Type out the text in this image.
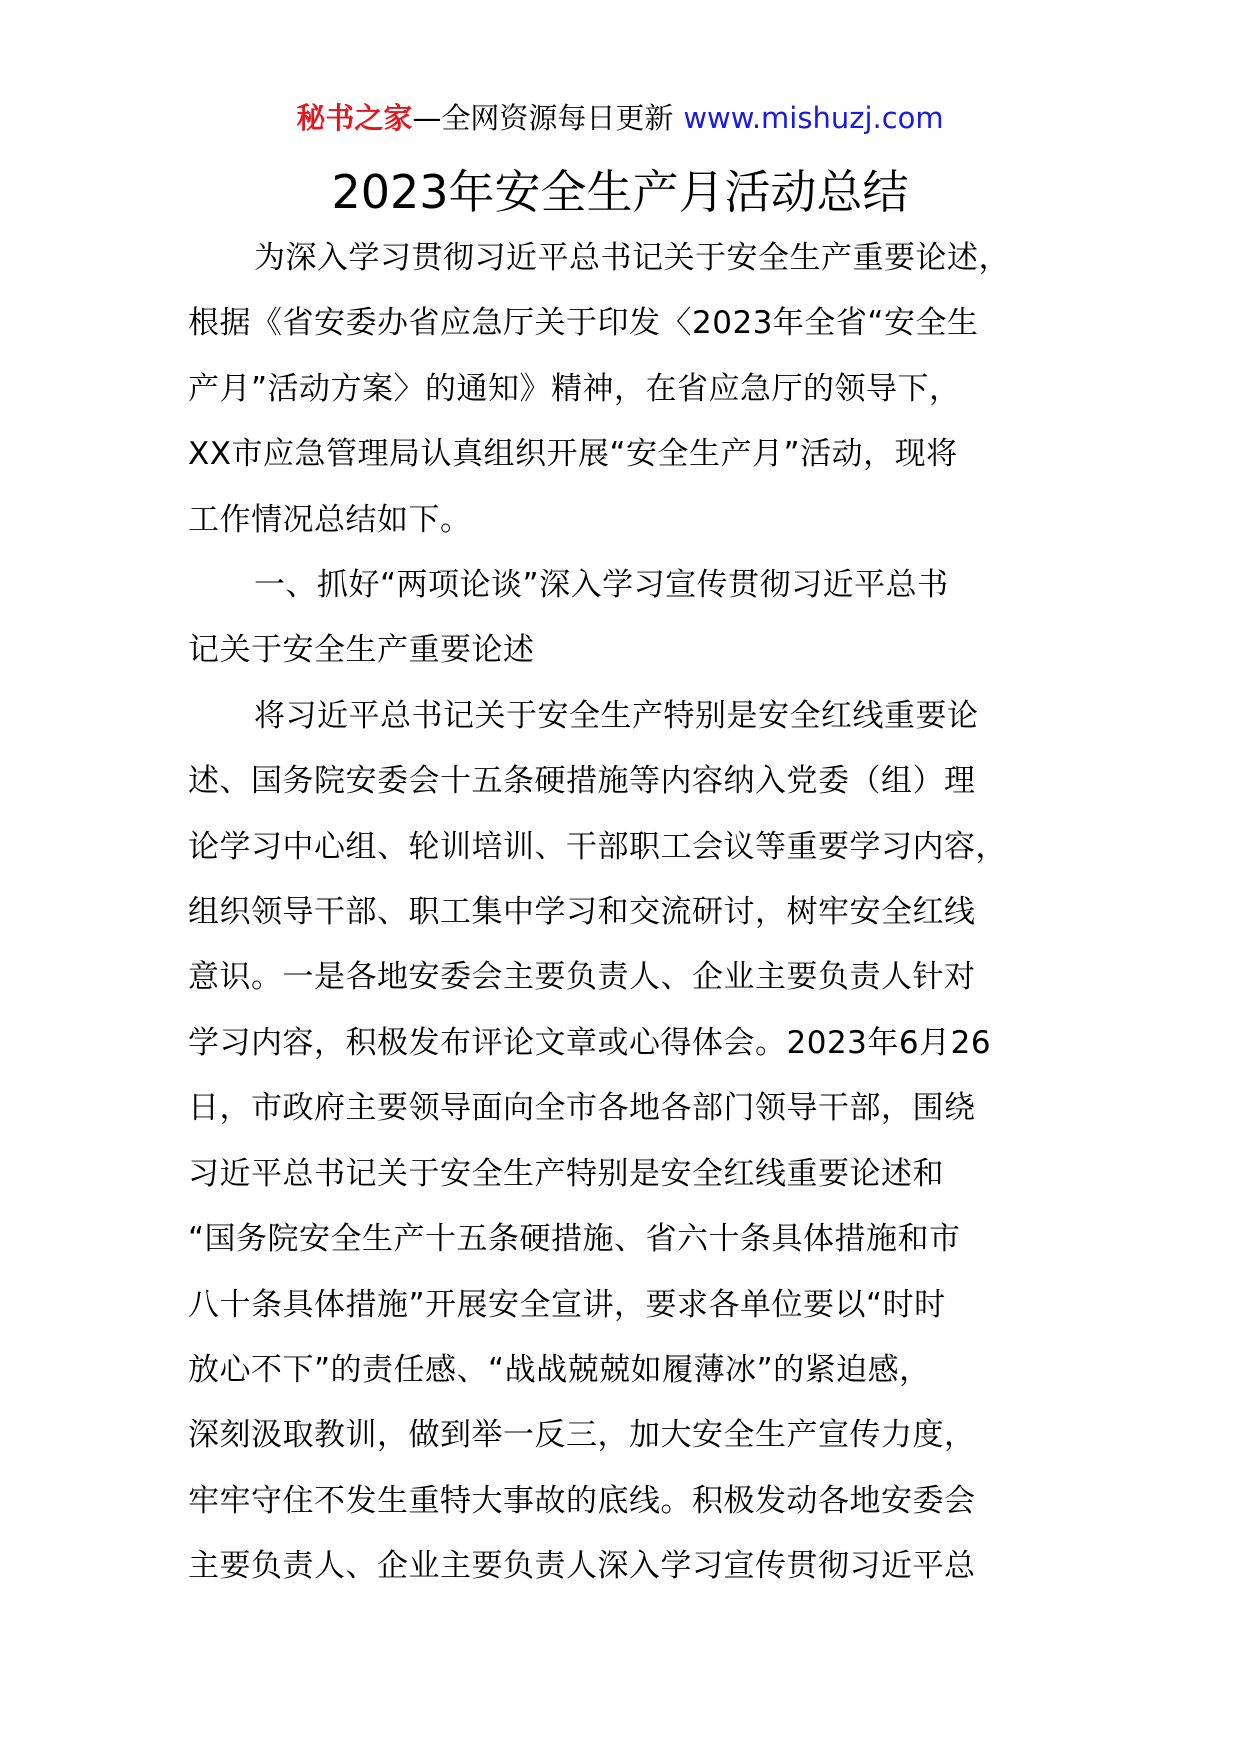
秘书之家—全网资源每日更新 www.mishuzj.com
2023年安全生产月活动总结

为深入学习贯彻习近平总书记关于安全生产重要论述，
根据《省安委办省应急厅关于印发〈2023年全省“安全生
产月”活动方案〉的通知》精神，在省应急厅的领导下，
XX市应急管理局认真组织开展“安全生产月”活动，现将
工作情况总结如下。

一、抓好“两项论谈”深入学习宣传贯彻习近平总书
记关于安全生产重要论述

将习近平总书记关于安全生产特别是安全红线重要论
述、国务院安委会十五条硬措施等内容纳入党委（组）理
论学习中心组、轮训培训、干部职工会议等重要学习内容，
组织领导干部、职工集中学习和交流研讨，树牢安全红线
意识。一是各地安委会主要负责人、企业主要负责人针对
学习内容，积极发布评论文章或心得体会。2023年6月26
日，市政府主要领导面向全市各地各部门领导干部，围绕
习近平总书记关于安全生产特别是安全红线重要论述和
“国务院安全生产十五条硬措施、省六十条具体措施和市
八十条具体措施”开展安全宣讲，要求各单位要以“时时
放心不下”的责任感、“战战兢兢如履薄冰”的紧迫感，
深刻汲取教训，做到举一反三，加大安全生产宣传力度，
牢牢守住不发生重特大事故的底线。积极发动各地安委会
主要负责人、企业主要负责人深入学习宣传贯彻习近平总
